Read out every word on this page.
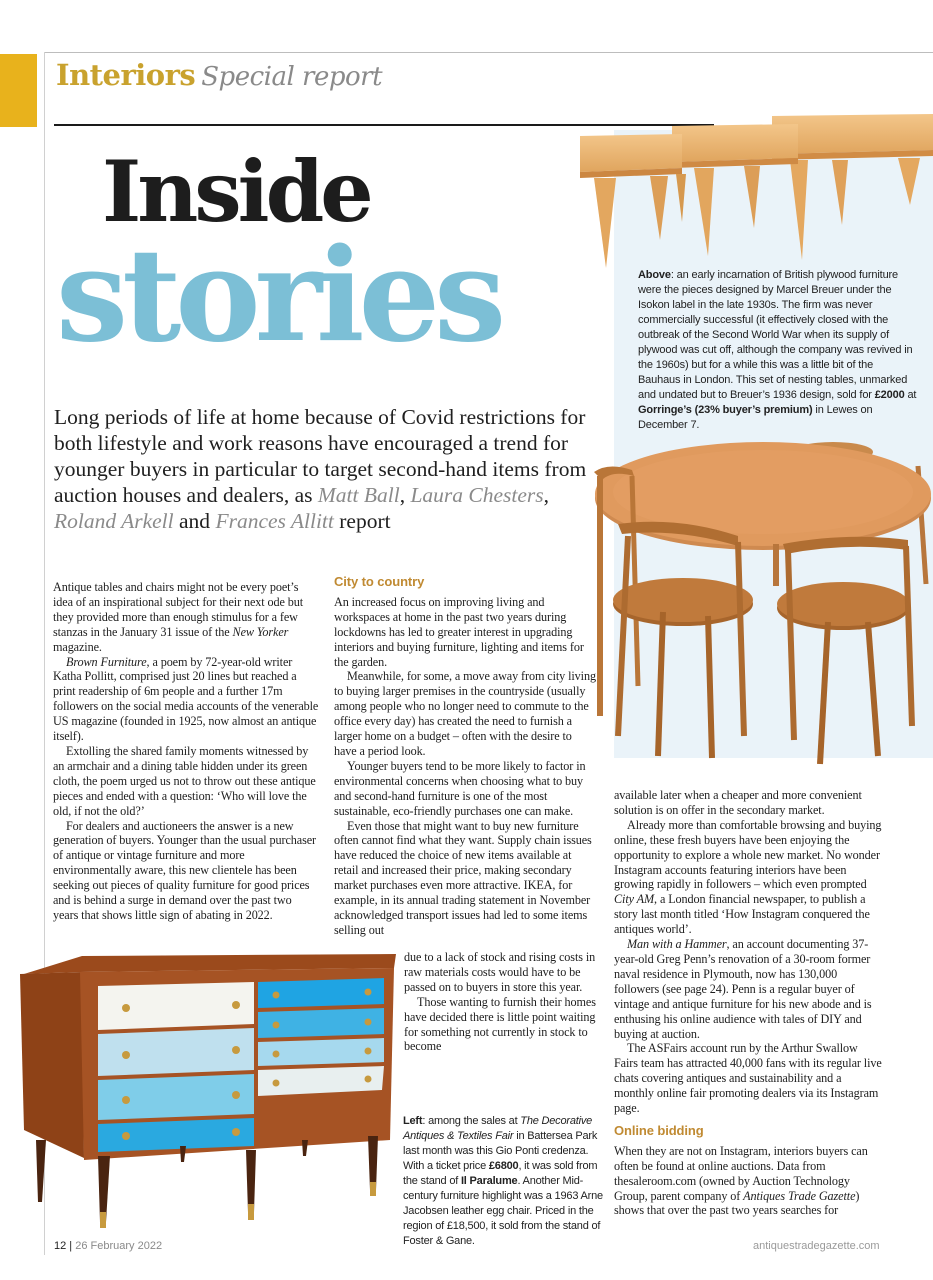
Interiors Special report
Inside
stories
Long periods of life at home because of Covid restrictions for both lifestyle and work reasons have encouraged a trend for younger buyers in particular to target second-hand items from auction houses and dealers, as Matt Ball, Laura Chesters, Roland Arkell and Frances Allitt report
Above: an early incarnation of British plywood furniture were the pieces designed by Marcel Breuer under the Isokon label in the late 1930s. The firm was never commercially successful (it effectively closed with the outbreak of the Second World War when its supply of plywood was cut off, although the company was revived in the 1960s) but for a while this was a little bit of the Bauhaus in London. This set of nesting tables, unmarked and undated but to Breuer’s 1936 design, sold for £2000 at Gorringe’s (23% buyer’s premium) in Lewes on December 7.
Left: among the sales at The Decorative Antiques & Textiles Fair in Battersea Park last month was this Gio Ponti credenza. With a ticket price £6800, it was sold from the stand of Il Paralume. Another Mid-century furniture highlight was a 1963 Arne Jacobsen leather egg chair. Priced in the region of £18,500, it sold from the stand of Foster & Gane.

Antique tables and chairs might not be every poet’s idea of an inspirational subject for their next ode but they provided more than enough stimulus for a few stanzas in the January 31 issue of the New Yorker magazine.

Brown Furniture, a poem by 72-year-old writer Katha Pollitt, comprised just 20 lines but reached a print readership of 6m people and a further 17m followers on the social media accounts of the venerable US magazine (founded in 1925, now almost an antique itself).

Extolling the shared family moments witnessed by an armchair and a dining table hidden under its green cloth, the poem urged us not to throw out these antique pieces and ended with a question: ‘Who will love the old, if not the old?’

For dealers and auctioneers the answer is a new generation of buyers. Younger than the usual purchaser of antique or vintage furniture and more environmentally aware, this new clientele has been seeking out pieces of quality furniture for good prices and is behind a surge in demand over the past two years that shows little sign of abating in 2022.

City to country

An increased focus on improving living and workspaces at home in the past two years during lockdowns has led to greater interest in upgrading interiors and buying furniture, lighting and items for the garden.

Meanwhile, for some, a move away from city living to buying larger premises in the countryside (usually among people who no longer need to commute to the office every day) has created the need to furnish a larger home on a budget – often with the desire to have a period look.

Younger buyers tend to be more likely to factor in environmental concerns when choosing what to buy and second-hand furniture is one of the most sustainable, eco-friendly purchases one can make.

Even those that might want to buy new furniture often cannot find what they want. Supply chain issues have reduced the choice of new items available at retail and increased their price, making secondary market purchases even more attractive. IKEA, for example, in its annual trading statement in November acknowledged transport issues had led to some items selling out

due to a lack of stock and rising costs in raw materials costs would have to be passed on to buyers in store this year.

Those wanting to furnish their homes have decided there is little point waiting for something not currently in stock to become

available later when a cheaper and more convenient solution is on offer in the secondary market.

Already more than comfortable browsing and buying online, these fresh buyers have been enjoying the opportunity to explore a whole new market. No wonder Instagram accounts featuring interiors have been growing rapidly in followers – which even prompted City AM, a London financial newspaper, to publish a story last month titled ‘How Instagram conquered the antiques world’.

Man with a Hammer, an account documenting 37-year-old Greg Penn’s renovation of a 30-room former naval residence in Plymouth, now has 130,000 followers (see page 24). Penn is a regular buyer of vintage and antique furniture for his new abode and is enthusing his online audience with tales of DIY and buying at auction.

The ASFairs account run by the Arthur Swallow Fairs team has attracted 40,000 fans with its regular live chats covering antiques and sustainability and a monthly online fair promoting dealers via its Instagram page.

Online bidding

When they are not on Instagram, interiors buyers can often be found at online auctions. Data from thesaleroom.com (owned by Auction Technology Group, parent company of Antiques Trade Gazette) shows that over the past two years searches for

12 | 26 February 2022	antiquestradegazette.com
